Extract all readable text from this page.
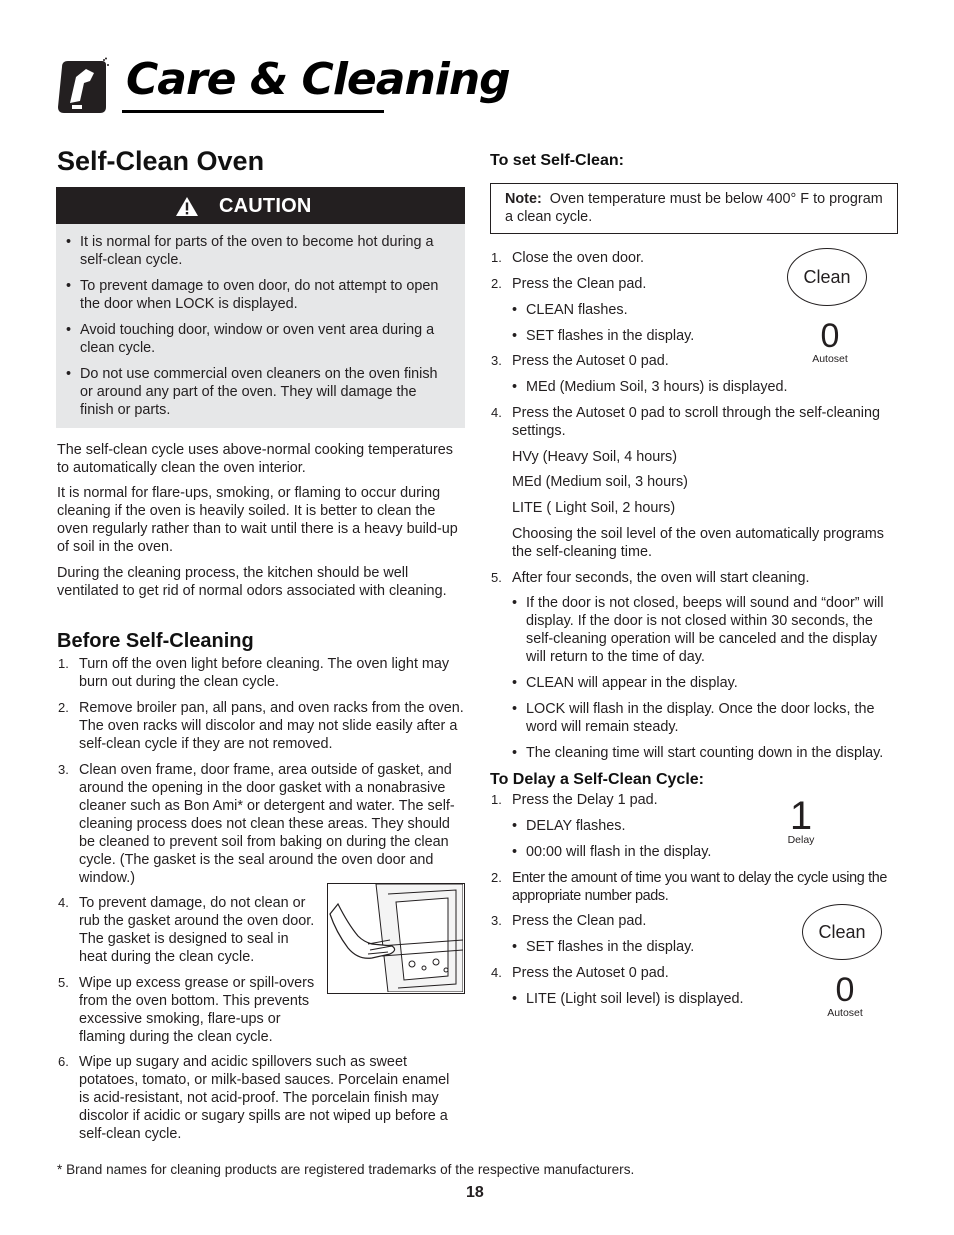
Care & Cleaning
Self-Clean Oven
CAUTION
• It is normal for parts of the oven to become hot during a self-clean cycle.
• To prevent damage to oven door, do not attempt to open the door when LOCK is displayed.
• Avoid touching door, window or oven vent area during a clean cycle.
• Do not use commercial oven cleaners on the oven finish or around any part of the oven. They will damage the finish or parts.
The self-clean cycle uses above-normal cooking temperatures to automatically clean the oven interior.
It is normal for flare-ups, smoking, or flaming to occur during cleaning if the oven is heavily soiled. It is better to clean the oven regularly rather than to wait until there is a heavy build-up of soil in the oven.
During the cleaning process, the kitchen should be well ventilated to get rid of normal odors associated with cleaning.
Before Self-Cleaning
1. Turn off the oven light before cleaning. The oven light may burn out during the clean cycle.
2. Remove broiler pan, all pans, and oven racks from the oven. The oven racks will discolor and may not slide easily after a self-clean cycle if they are not removed.
3. Clean oven frame, door frame, area outside of gasket, and around the opening in the door gasket with a nonabrasive cleaner such as Bon Ami* or detergent and water. The self-cleaning process does not clean these areas. They should be cleaned to prevent soil from baking on during the clean cycle. (The gasket is the seal around the oven door and window.)
4. To prevent damage, do not clean or rub the gasket around the oven door. The gasket is designed to seal in heat during the clean cycle.
5. Wipe up excess grease or spill-overs from the oven bottom. This prevents excessive smoking, flare-ups or flaming during the clean cycle.
6. Wipe up sugary and acidic spillovers such as sweet potatoes, tomato, or milk-based sauces. Porcelain enamel is acid-resistant, not acid-proof. The porcelain finish may discolor if acidic or sugary spills are not wiped up before a self-clean cycle.
To set Self-Clean:
Note: Oven temperature must be below 400° F to program a clean cycle.
1. Close the oven door.
2. Press the Clean pad.
• CLEAN flashes.
• SET flashes in the display.
3. Press the Autoset 0 pad.
• MEd (Medium Soil, 3 hours) is displayed.
4. Press the Autoset 0 pad to scroll through the self-cleaning settings.
HVy (Heavy Soil, 4 hours)
MEd (Medium soil, 3 hours)
LITE ( Light Soil, 2 hours)
Choosing the soil level of the oven automatically programs the self-cleaning time.
5. After four seconds, the oven will start cleaning.
• If the door is not closed, beeps will sound and “door” will display. If the door is not closed within 30 seconds, the self-cleaning operation will be canceled and the display will return to the time of day.
• CLEAN will appear in the display.
• LOCK will flash in the display. Once the door locks, the word will remain steady.
• The cleaning time will start counting down in the display.
Clean
0
Autoset
To Delay a Self-Clean Cycle:
1. Press the Delay 1 pad.
• DELAY flashes.
• 00:00 will flash in the display.
2. Enter the amount of time you want to delay the cycle using the appropriate number pads.
3. Press the Clean pad.
• SET flashes in the display.
4. Press the Autoset 0 pad.
• LITE (Light soil level) is displayed.
1
Delay
Clean
0
Autoset
* Brand names for cleaning products are registered trademarks of the respective manufacturers.
18
